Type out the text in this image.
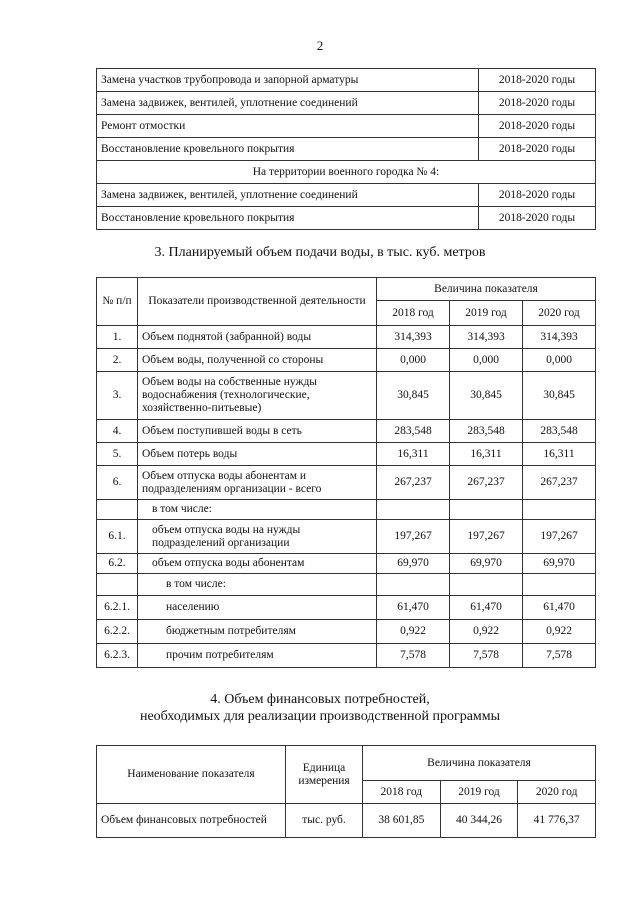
2
Замена участков трубопровода и запорной арматуры	2018-2020 годы
Замена задвижек, вентилей, уплотнение соединений	2018-2020 годы
Ремонт отмостки	2018-2020 годы
Восстановление кровельного покрытия	2018-2020 годы
На территории военного городка № 4:	
Замена задвижек, вентилей, уплотнение соединений	2018-2020 годы
Восстановление кровельного покрытия	2018-2020 годы
3. Планируемый объем подачи воды, в тыс. куб. метров
№ п/п	Показатели производственной деятельности	Величина показателя		
		2018 год	2019 год	2020 год
1.	Объем поднятой (забранной) воды	314,393	314,393	314,393
2.	Объем воды, полученной со стороны	0,000	0,000	0,000
3.	Объем воды на собственные нужды водоснабжения (технологические, хозяйственно-питьевые)	30,845	30,845	30,845
4.	Объем поступившей воды в сеть	283,548	283,548	283,548
5.	Объем потерь воды	16,311	16,311	16,311
6.	Объем отпуска воды абонентам и подразделениям организации - всего	267,237	267,237	267,237
	в том числе:			
6.1.	объем отпуска воды на нужды подразделений организации	197,267	197,267	197,267
6.2.	объем отпуска воды абонентам	69,970	69,970	69,970
	в том числе:			
6.2.1.	населению	61,470	61,470	61,470
6.2.2.	бюджетным потребителям	0,922	0,922	0,922
6.2.3.	прочим потребителям	7,578	7,578	7,578
4. Объем финансовых потребностей,
необходимых для реализации производственной программы
Наименование показателя	Единица измерения	Величина показателя		
		2018 год	2019 год	2020 год
Объем финансовых потребностей	тыс. руб.	38 601,85	40 344,26	41 776,37
